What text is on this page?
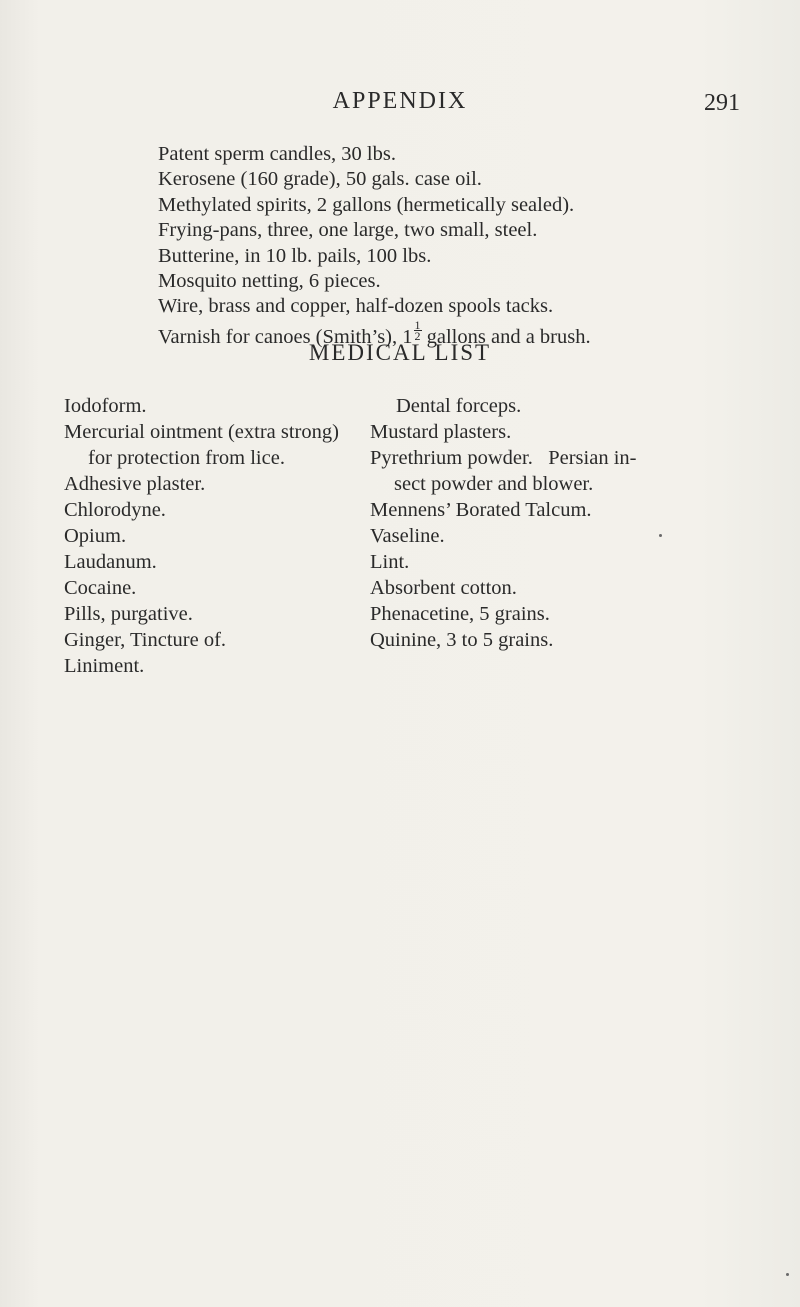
APPENDIX	291
Patent sperm candles, 30 lbs.
Kerosene (160 grade), 50 gals. case oil.
Methylated spirits, 2 gallons (hermetically sealed).
Frying-pans, three, one large, two small, steel.
Butterine, in 10 lb. pails, 100 lbs.
Mosquito netting, 6 pieces.
Wire, brass and copper, half-dozen spools tacks.
Varnish for canoes (Smith’s), $1 \frac{1}{2}$ gallons and a brush.
MEDICAL LIST
Iodoform.
Mercurial ointment (extra strong)
for protection from lice.
Adhesive plaster.
Chlorodyne.
Opium.
Laudanum.
Cocaine.
Pills, purgative.
Ginger, Tincture of.
Liniment.
Dental forceps.
Mustard plasters.
Pyrethrium powder.   Persian in-
sect powder and blower.
Mennens’ Borated Talcum.
Vaseline.
Lint.
Absorbent cotton.
Phenacetine, 5 grains.
Quinine, 3 to 5 grains.
